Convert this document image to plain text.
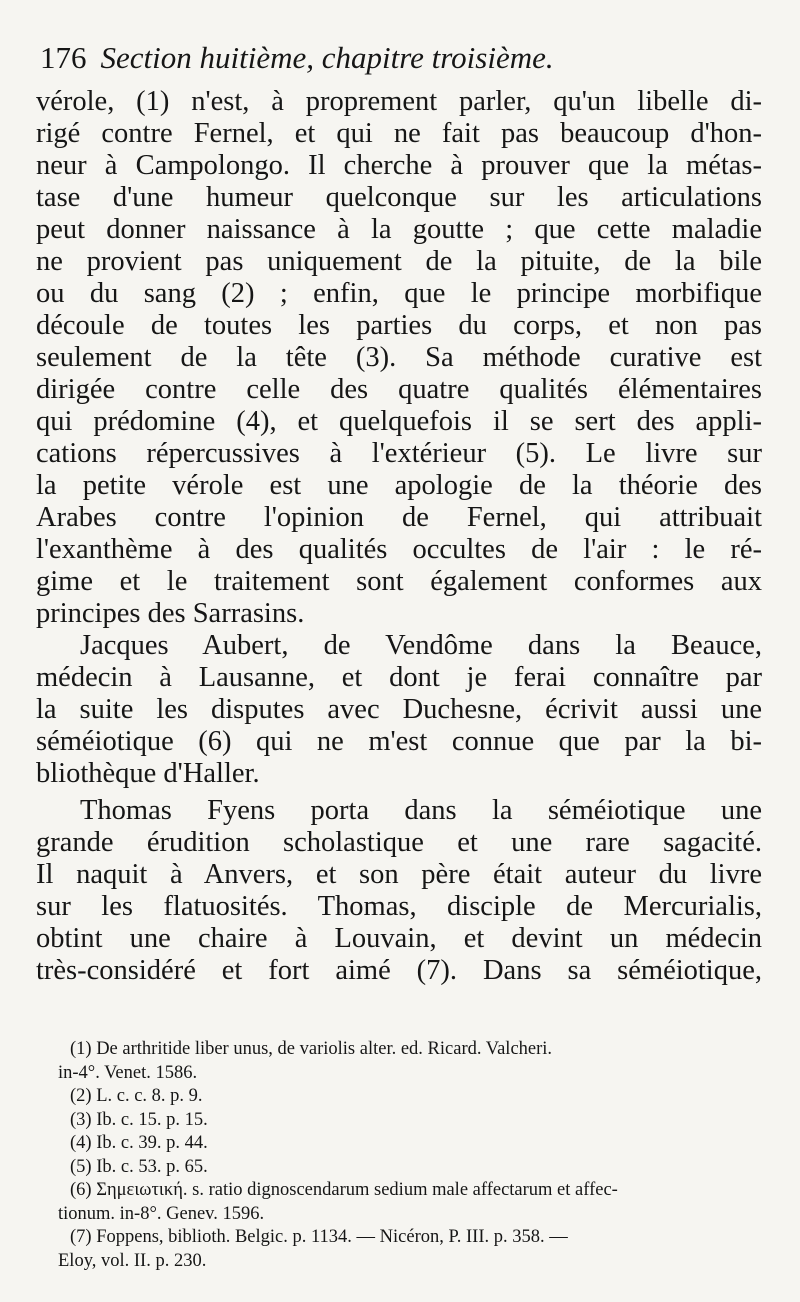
176 Section huitième, chapitre troisième.
vérole, (1) n'est, à proprement parler, qu'un libelle di-
rigé contre Fernel, et qui ne fait pas beaucoup d'hon-
neur à Campolongo. Il cherche à prouver que la métas-
tase d'une humeur quelconque sur les articulations
peut donner naissance à la goutte ; que cette maladie
ne provient pas uniquement de la pituite, de la bile
ou du sang (2) ; enfin, que le principe morbifique
découle de toutes les parties du corps, et non pas
seulement de la tête (3). Sa méthode curative est
dirigée contre celle des quatre qualités élémentaires
qui prédomine (4), et quelquefois il se sert des appli-
cations répercussives à l'extérieur (5). Le livre sur
la petite vérole est une apologie de la théorie des
Arabes contre l'opinion de Fernel, qui attribuait
l'exanthème à des qualités occultes de l'air : le ré-
gime et le traitement sont également conformes aux
principes des Sarrasins.
Jacques Aubert, de Vendôme dans la Beauce,
médecin à Lausanne, et dont je ferai connaître par
la suite les disputes avec Duchesne, écrivit aussi une
séméiotique (6) qui ne m'est connue que par la bi-
bliothèque d'Haller.
Thomas Fyens porta dans la séméiotique une
grande érudition scholastique et une rare sagacité.
Il naquit à Anvers, et son père était auteur du livre
sur les flatuosités. Thomas, disciple de Mercurialis,
obtint une chaire à Louvain, et devint un médecin
très-considéré et fort aimé (7). Dans sa séméiotique,
(1) De arthritide liber unus, de variolis alter. ed. Ricard. Valcheri.
in-4°. Venet. 1586.
(2) L. c. c. 8. p. 9.
(3) Ib. c. 15. p. 15.
(4) Ib. c. 39. p. 44.
(5) Ib. c. 53. p. 65.
(6) Σημειωτική. s. ratio dignoscendarum sedium male affectarum et affec-
tionum. in-8°. Genev. 1596.
(7) Foppens, biblioth. Belgic. p. 1134. — Nicéron, P. III. p. 358. —
Eloy, vol. II. p. 230.
